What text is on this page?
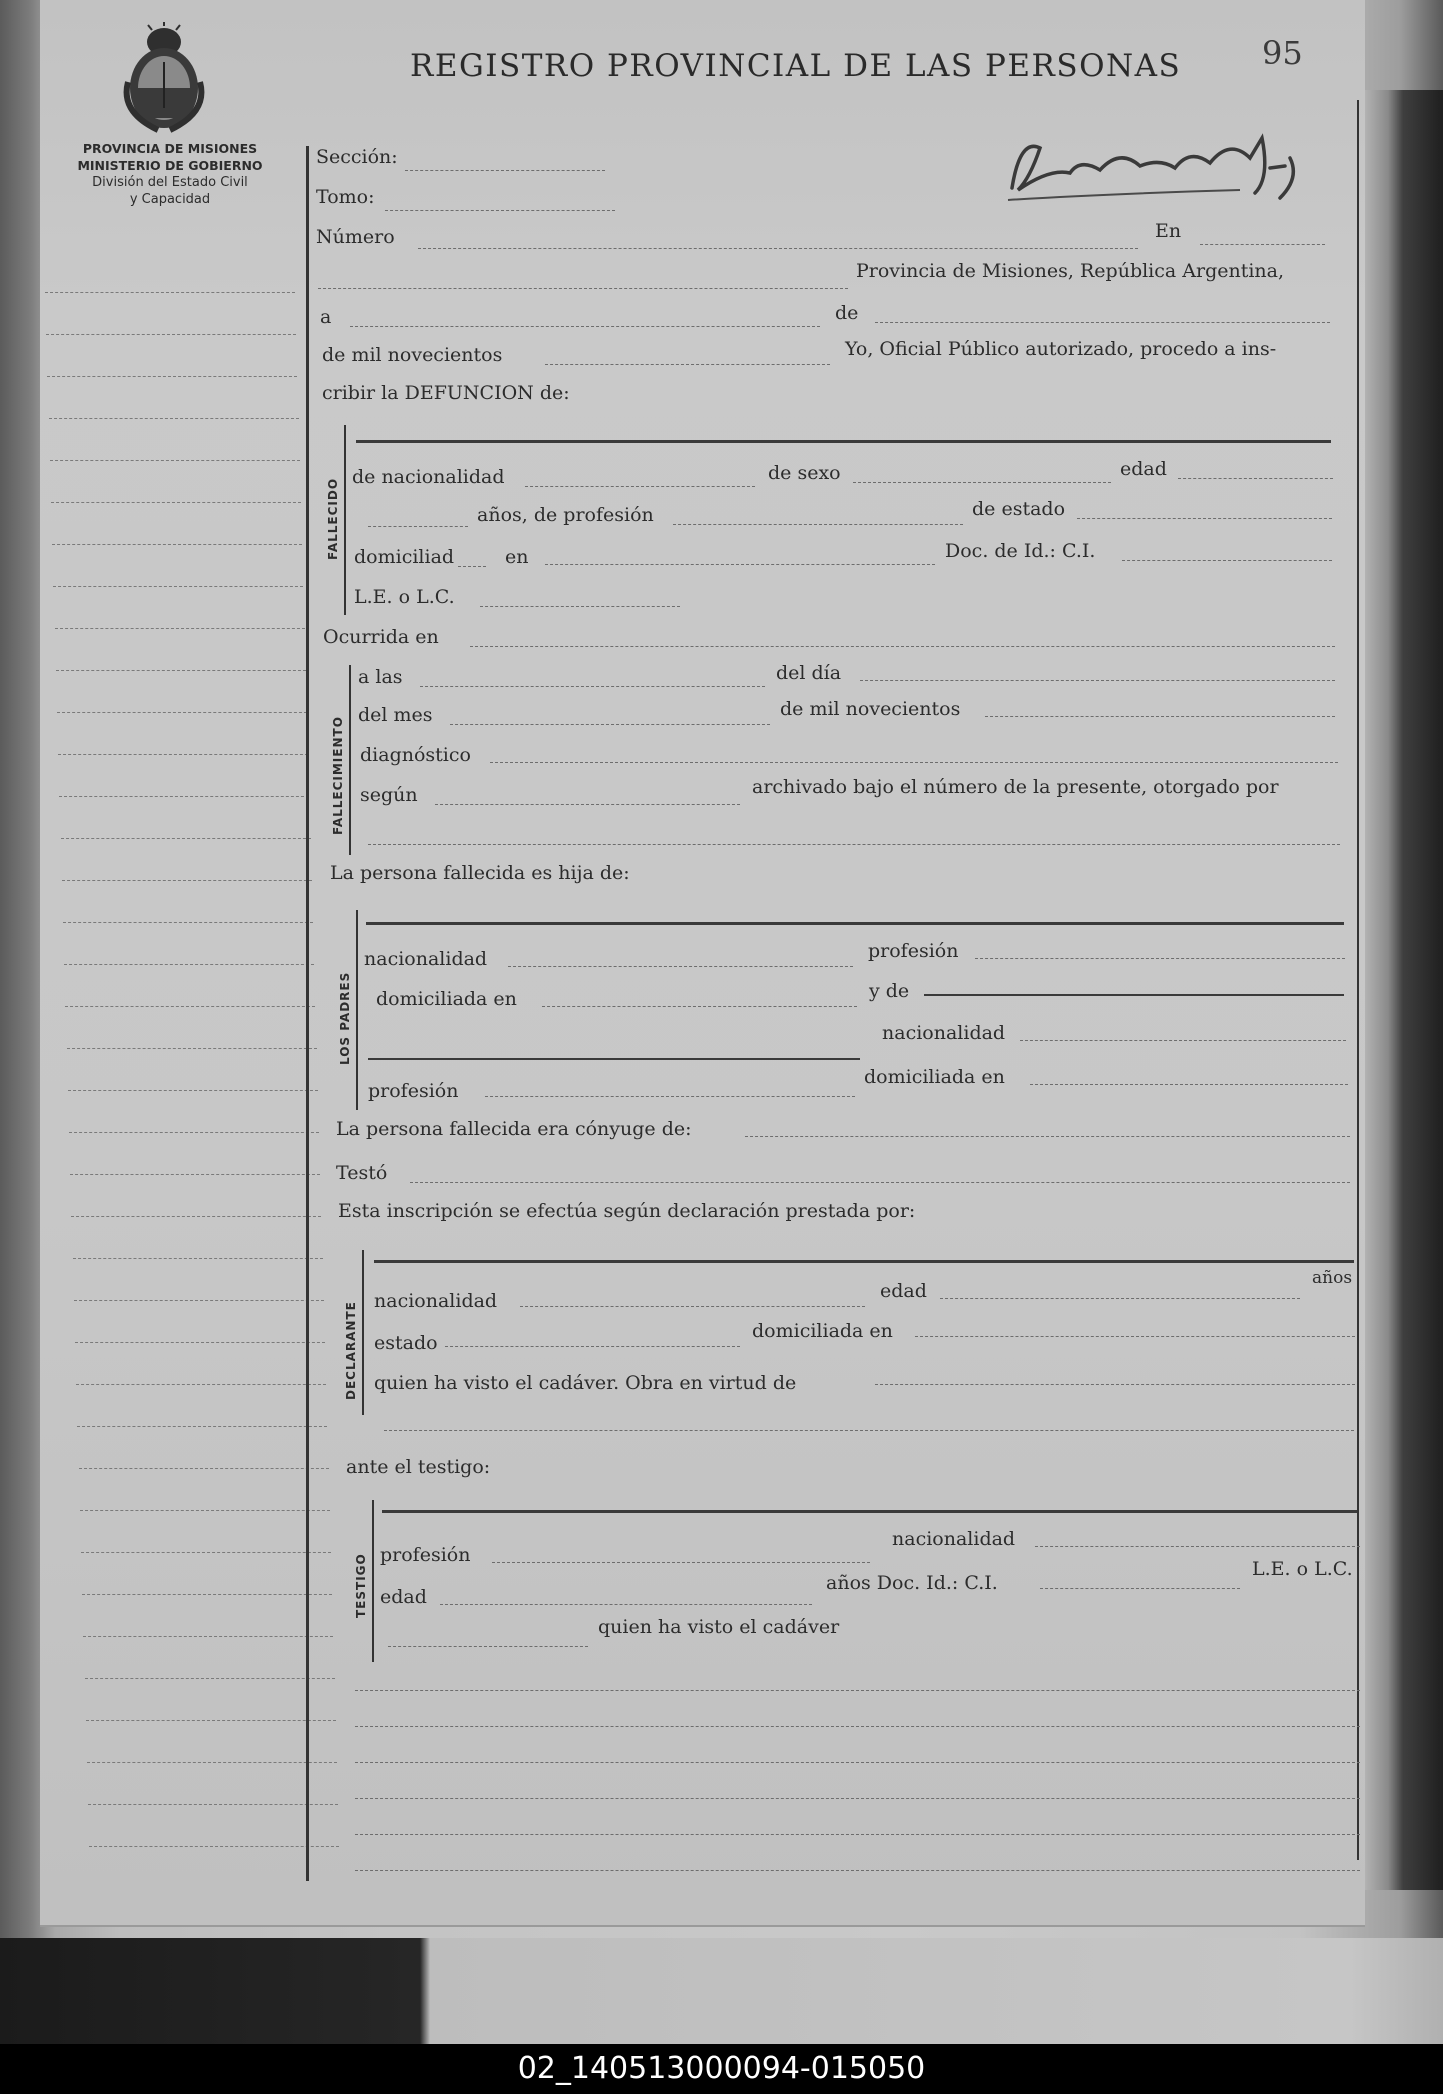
PROVINCIA DE MISIONES
MINISTERIO DE GOBIERNO
División del Estado Civil
y Capacidad
REGISTRO PROVINCIAL DE LAS PERSONAS	95
Sección:
Tomo:
Número	En
Provincia de Misiones, República Argentina,
a	de
de mil novecientos	Yo, Oficial Público autorizado, procedo a ins-
cribir la DEFUNCION de:
FALLECIDO
de nacionalidad	de sexo	edad
años, de profesión	de estado
domiciliad	en	Doc. de Id.: C.I.
L.E. o L.C.
Ocurrida en
FALLECIMIENTO
a las	del día
del mes	de mil novecientos
diagnóstico
según	archivado bajo el número de la presente, otorgado por
La persona fallecida es hija de:
LOS PADRES
nacionalidad	profesión
domiciliada en	y de
nacionalidad
profesión
domiciliada en
La persona fallecida era cónyuge de:
Testó
Esta inscripción se efectúa según declaración prestada por:
DECLARANTE
nacionalidad	edad
años
estado
domiciliada en
quien ha visto el cadáver. Obra en virtud de
ante el testigo:
TESTIGO profesión
nacionalidad
edad
años Doc. Id.: C.I.
L.E. o L.C.
quien ha visto el cadáver
02_140513000094-015050
